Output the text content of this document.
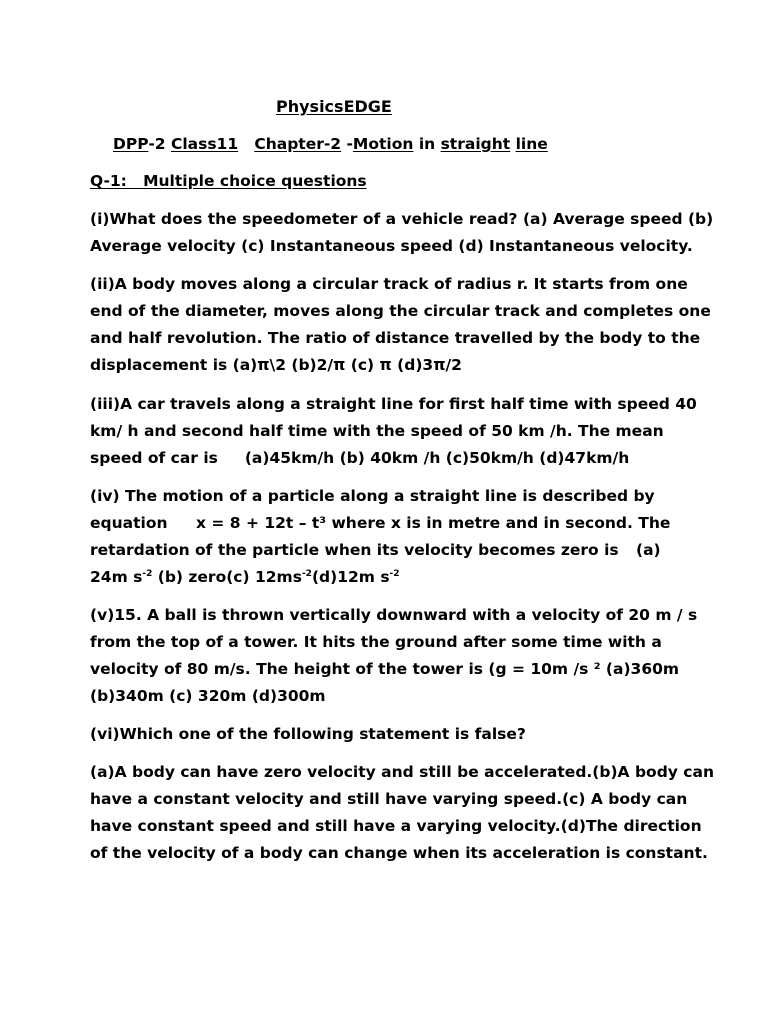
PhysicsEDGE
DPP-2 Class11 Chapter-2 -Motion in straight line
Q-1:   Multiple choice questions
(i)What does the speedometer of a vehicle read? (a) Average speed (b)
Average velocity (c) Instantaneous speed (d) Instantaneous velocity.
(ii)A body moves along a circular track of radius r. It starts from one
end of the diameter, moves along the circular track and completes one
and half revolution. The ratio of distance travelled by the body to the
displacement is (a)π\2 (b)2/π (c) π (d)3π/2
(iii)A car travels along a straight line for first half time with speed 40
km/ h and second half time with the speed of 50 km /h. The mean
speed of car is     (a)45km/h (b) 40km /h (c)50km/h (d)47km/h
(iv) The motion of a particle along a straight line is described by
equation x = 8 + 12t – t³ where x is in metre and in second. The
retardation of the particle when its velocity becomes zero is (a)
24m $s^{-2}$ (b) zero(c) $12ms^{-2}(d)12m$ $s^{-2}$
(v)15. A ball is thrown vertically downward with a velocity of 20 m / s
from the top of a tower. It hits the ground after some time with a
velocity of 80 m/s. The height of the tower is (g = 10m /s ² (a)360m
(b)340m (c) 320m (d)300m
(vi)Which one of the following statement is false?
(a)A body can have zero velocity and still be accelerated.(b)A body can
have a constant velocity and still have varying speed.(c) A body can
have constant speed and still have a varying velocity.(d)The direction
of the velocity of a body can change when its acceleration is constant.
